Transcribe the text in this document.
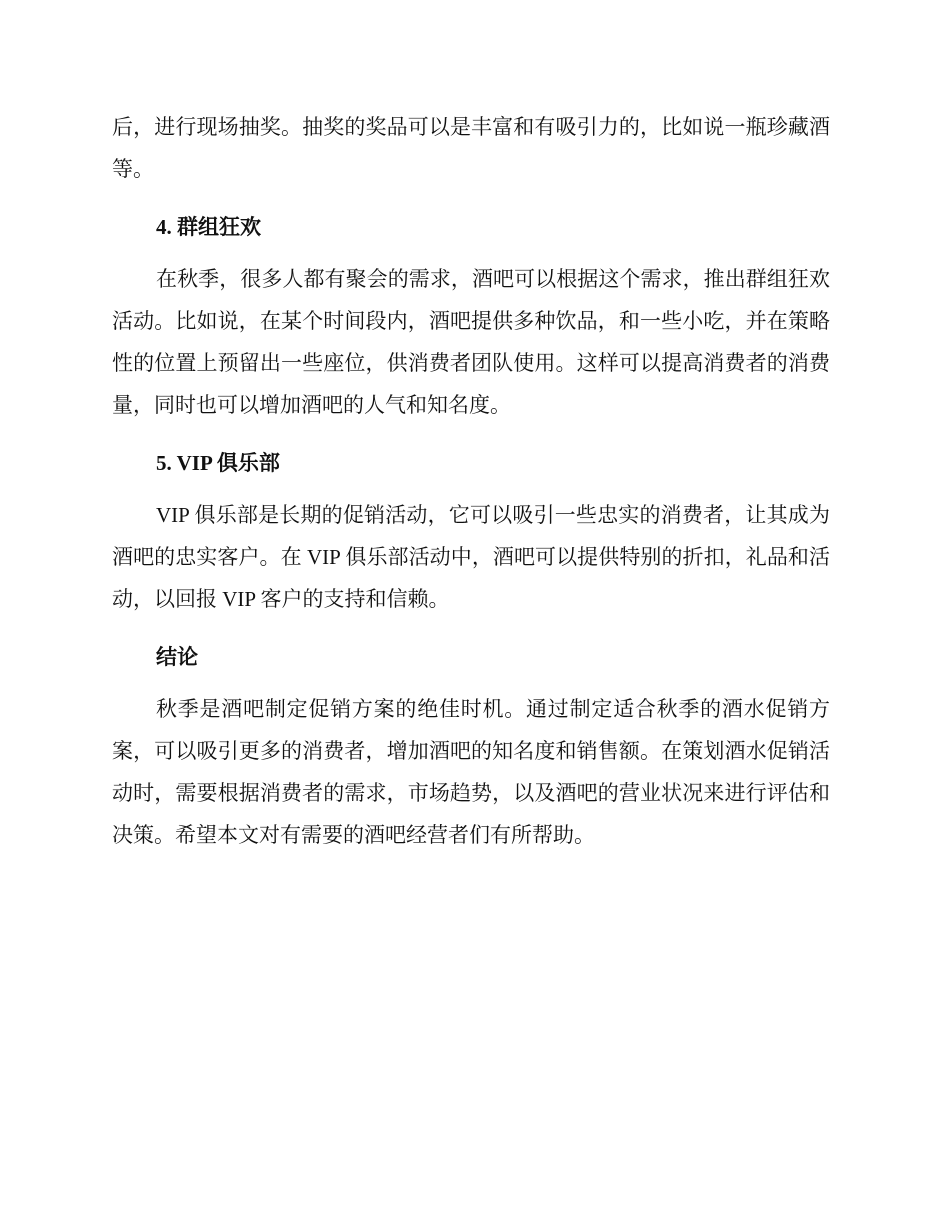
后，进行现场抽奖。抽奖的奖品可以是丰富和有吸引力的，比如说一瓶珍藏酒等。

4. 群组狂欢

在秋季，很多人都有聚会的需求，酒吧可以根据这个需求，推出群组狂欢活动。比如说，在某个时间段内，酒吧提供多种饮品，和一些小吃，并在策略性的位置上预留出一些座位，供消费者团队使用。这样可以提高消费者的消费量，同时也可以增加酒吧的人气和知名度。

5. VIP 俱乐部

VIP 俱乐部是长期的促销活动，它可以吸引一些忠实的消费者，让其成为酒吧的忠实客户。在 VIP 俱乐部活动中，酒吧可以提供特别的折扣，礼品和活动，以回报 VIP 客户的支持和信赖。

结论

秋季是酒吧制定促销方案的绝佳时机。通过制定适合秋季的酒水促销方案，可以吸引更多的消费者，增加酒吧的知名度和销售额。在策划酒水促销活动时，需要根据消费者的需求，市场趋势，以及酒吧的营业状况来进行评估和决策。希望本文对有需要的酒吧经营者们有所帮助。
